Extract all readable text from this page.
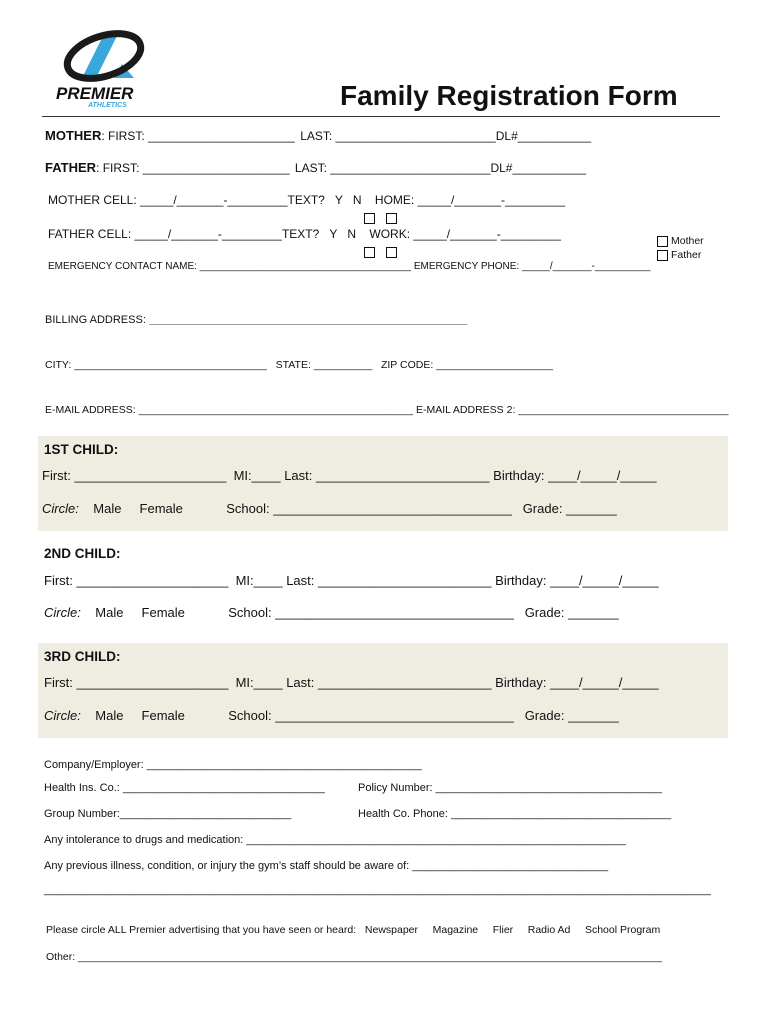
PREMIER
ATHLETICS	Family Registration Form
MOTHER: FIRST: ______________________ LAST: ________________________DL#___________
FATHER: FIRST: ______________________ LAST: ________________________DL#___________
MOTHER CELL: _____/_______-_________TEXT? Y N HOME: _____/_______-_________
FATHER CELL: _____/_______-_________TEXT? Y N WORK: _____/_______-_________	Mother
Father
EMERGENCY CONTACT NAME: ______________________________________ EMERGENCY PHONE: _____/_______-__________
BILLING ADDRESS: ____________________________________________________
CITY: _________________________________ STATE: __________ ZIP CODE: ____________________
E-MAIL ADDRESS: _______________________________________________ E-MAIL ADDRESS 2: ____________________________________
1ST CHILD:
First: _____________________ MI:____ Last: ________________________ Birthday: ____/_____/_____
Circle: Male Female	School: _________________________________ Grade: _______
2ND CHILD:
First: _____________________ MI:____ Last: ________________________ Birthday: ____/_____/_____
Circle: Male Female	School: _________________________________ Grade: _______
3RD CHILD:
First: _____________________ MI:____ Last: ________________________ Birthday: ____/_____/_____
Circle: Male Female	School: _________________________________ Grade: _______
Company/Employer: _____________________________________________
Health Ins. Co.: _________________________________	Policy Number: _____________________________________
Group Number:____________________________	Health Co. Phone: ____________________________________
Any intolerance to drugs and medication: ______________________________________________________________
Any previous illness, condition, or injury the gym’s staff should be aware of: ________________________________
_____________________________________________________________________________________________________________
Please circle ALL Premier advertising that you have seen or heard: Newspaper Magazine Flier Radio Ad School Program
Other: ____________________________________________________________________________________________________
